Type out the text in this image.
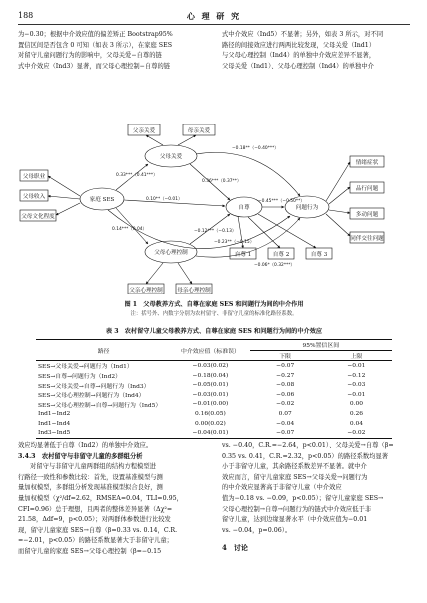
188	心 理 研 究

为−0.30；根据中介效应值的偏差矫正 Bootstrap95%

置信区间是否包含 0 可知（如表 3 所示），在家庭 SES

对留守儿童问题行为的影响中，父母关爱−自尊的链

式中介效应（Ind3）显著，而父母心理控制−自尊的链

式中介效应（Ind5）不显著；另外，如表 3 所示，对不同

路径的间接效应进行两两比较发现，父母关爱（Ind1）

与父母心理控制（Ind4）的单独中介效应差异不显著，

父母关爱（Ind1）、父母心理控制（Ind4）的单独中介

父母职业
父母收入
父母文化程度
父亲关爱	母亲关爱
父亲心理控制	母亲心理控制
自尊 1	自尊 2	自尊 3
情绪症状
品行问题
多动问题
同伴交往问题
家庭 SES
父母关爱
父母心理控制
自尊	问题行为
0.33***（0.41***）
0.14***（0.04）
0.10**（−0.01）
−0.23**（−0.15）
0.36***（0.37**）
−0.18**（−0.40***）
−0.12***（−0.13）
−0.06*（0.32***）
−0.45***（−0.50**）
图 1　父母教养方式、自尊在家庭 SES 和问题行为间的中介作用
注：括号外、内数字分别为农村留守、非留守儿童的标准化路径系数。
表 3　农村留守儿童父母教养方式、自尊在家庭 SES 和问题行为间的中介效应
路径	中介效应值（标准误）	95%置信区间	
		下限	上限
SES→父母关爱→问题行为（Ind1）	−0.03(0.02)	−0.07	−0.01
SES→自尊→问题行为（Ind2）	−0.18(0.04)	−0.27	−0.12
SES→父母关爱→自尊→问题行为（Ind3）	−0.05(0.01)	−0.08	−0.03
SES→父母心理控制→问题行为（Ind4）	−0.03(0.01)	−0.06	−0.01
SES→父母心理控制→自尊→问题行为（Ind5）	−0.01(0.00)	−0.02	0.00
Ind1−Ind2	0.16(0.05)	0.07	0.26
Ind1−Ind4	0.00(0.02)	−0.04	0.04
Ind3−Ind5	−0.04(0.01)	−0.07	−0.02

效应均显著低于自尊（Ind2）的单独中介效应。

3.4.3　农村留守与非留守儿童的多群组分析

对留守与非留守儿童两群组的结构方程模型进

行路径一致性和参数比较：首先，设置基准模型与测

量加权模型，多群组分析发现基准模型拟合良好，测

量加权模型（χ²/df=2.62，RMSEA=0.04，TLI=0.95，

CFI=0.96）总于理想，且两者的整体差异显著（Δχ²=

21.58，Δdf=9，p<0.05）；对两群体参数进行比较发

现，留守儿童家庭 SES→自尊（β=0.33 vs. 0.14，C.R.

=−2.01，p<0.05）的路径系数显著大于非留守儿童；

而留守儿童的家庭 SES→父母心理控制（β=−0.15

vs. −0.40，C.R.=−2.64，p<0.01）、父母关爱→自尊（β=

0.35 vs. 0.41，C.R.=2.32，p<0.05）的路径系数均显著

小于非留守儿童，其余路径系数差异不显著。就中介

效应而言，留守儿童家庭 SES→父母关爱→问题行为

的中介效应显著高于非留守儿童（中介效应

值为−0.18 vs. −0.09，p<0.05）；留守儿童家庭 SES→

父母心理控制→自尊→问题行为的链式中介效应低于非

留守儿童，达到边缘显著水平（中介效应值为−0.01

vs. −0.04，p=0.06）。

4　讨论
